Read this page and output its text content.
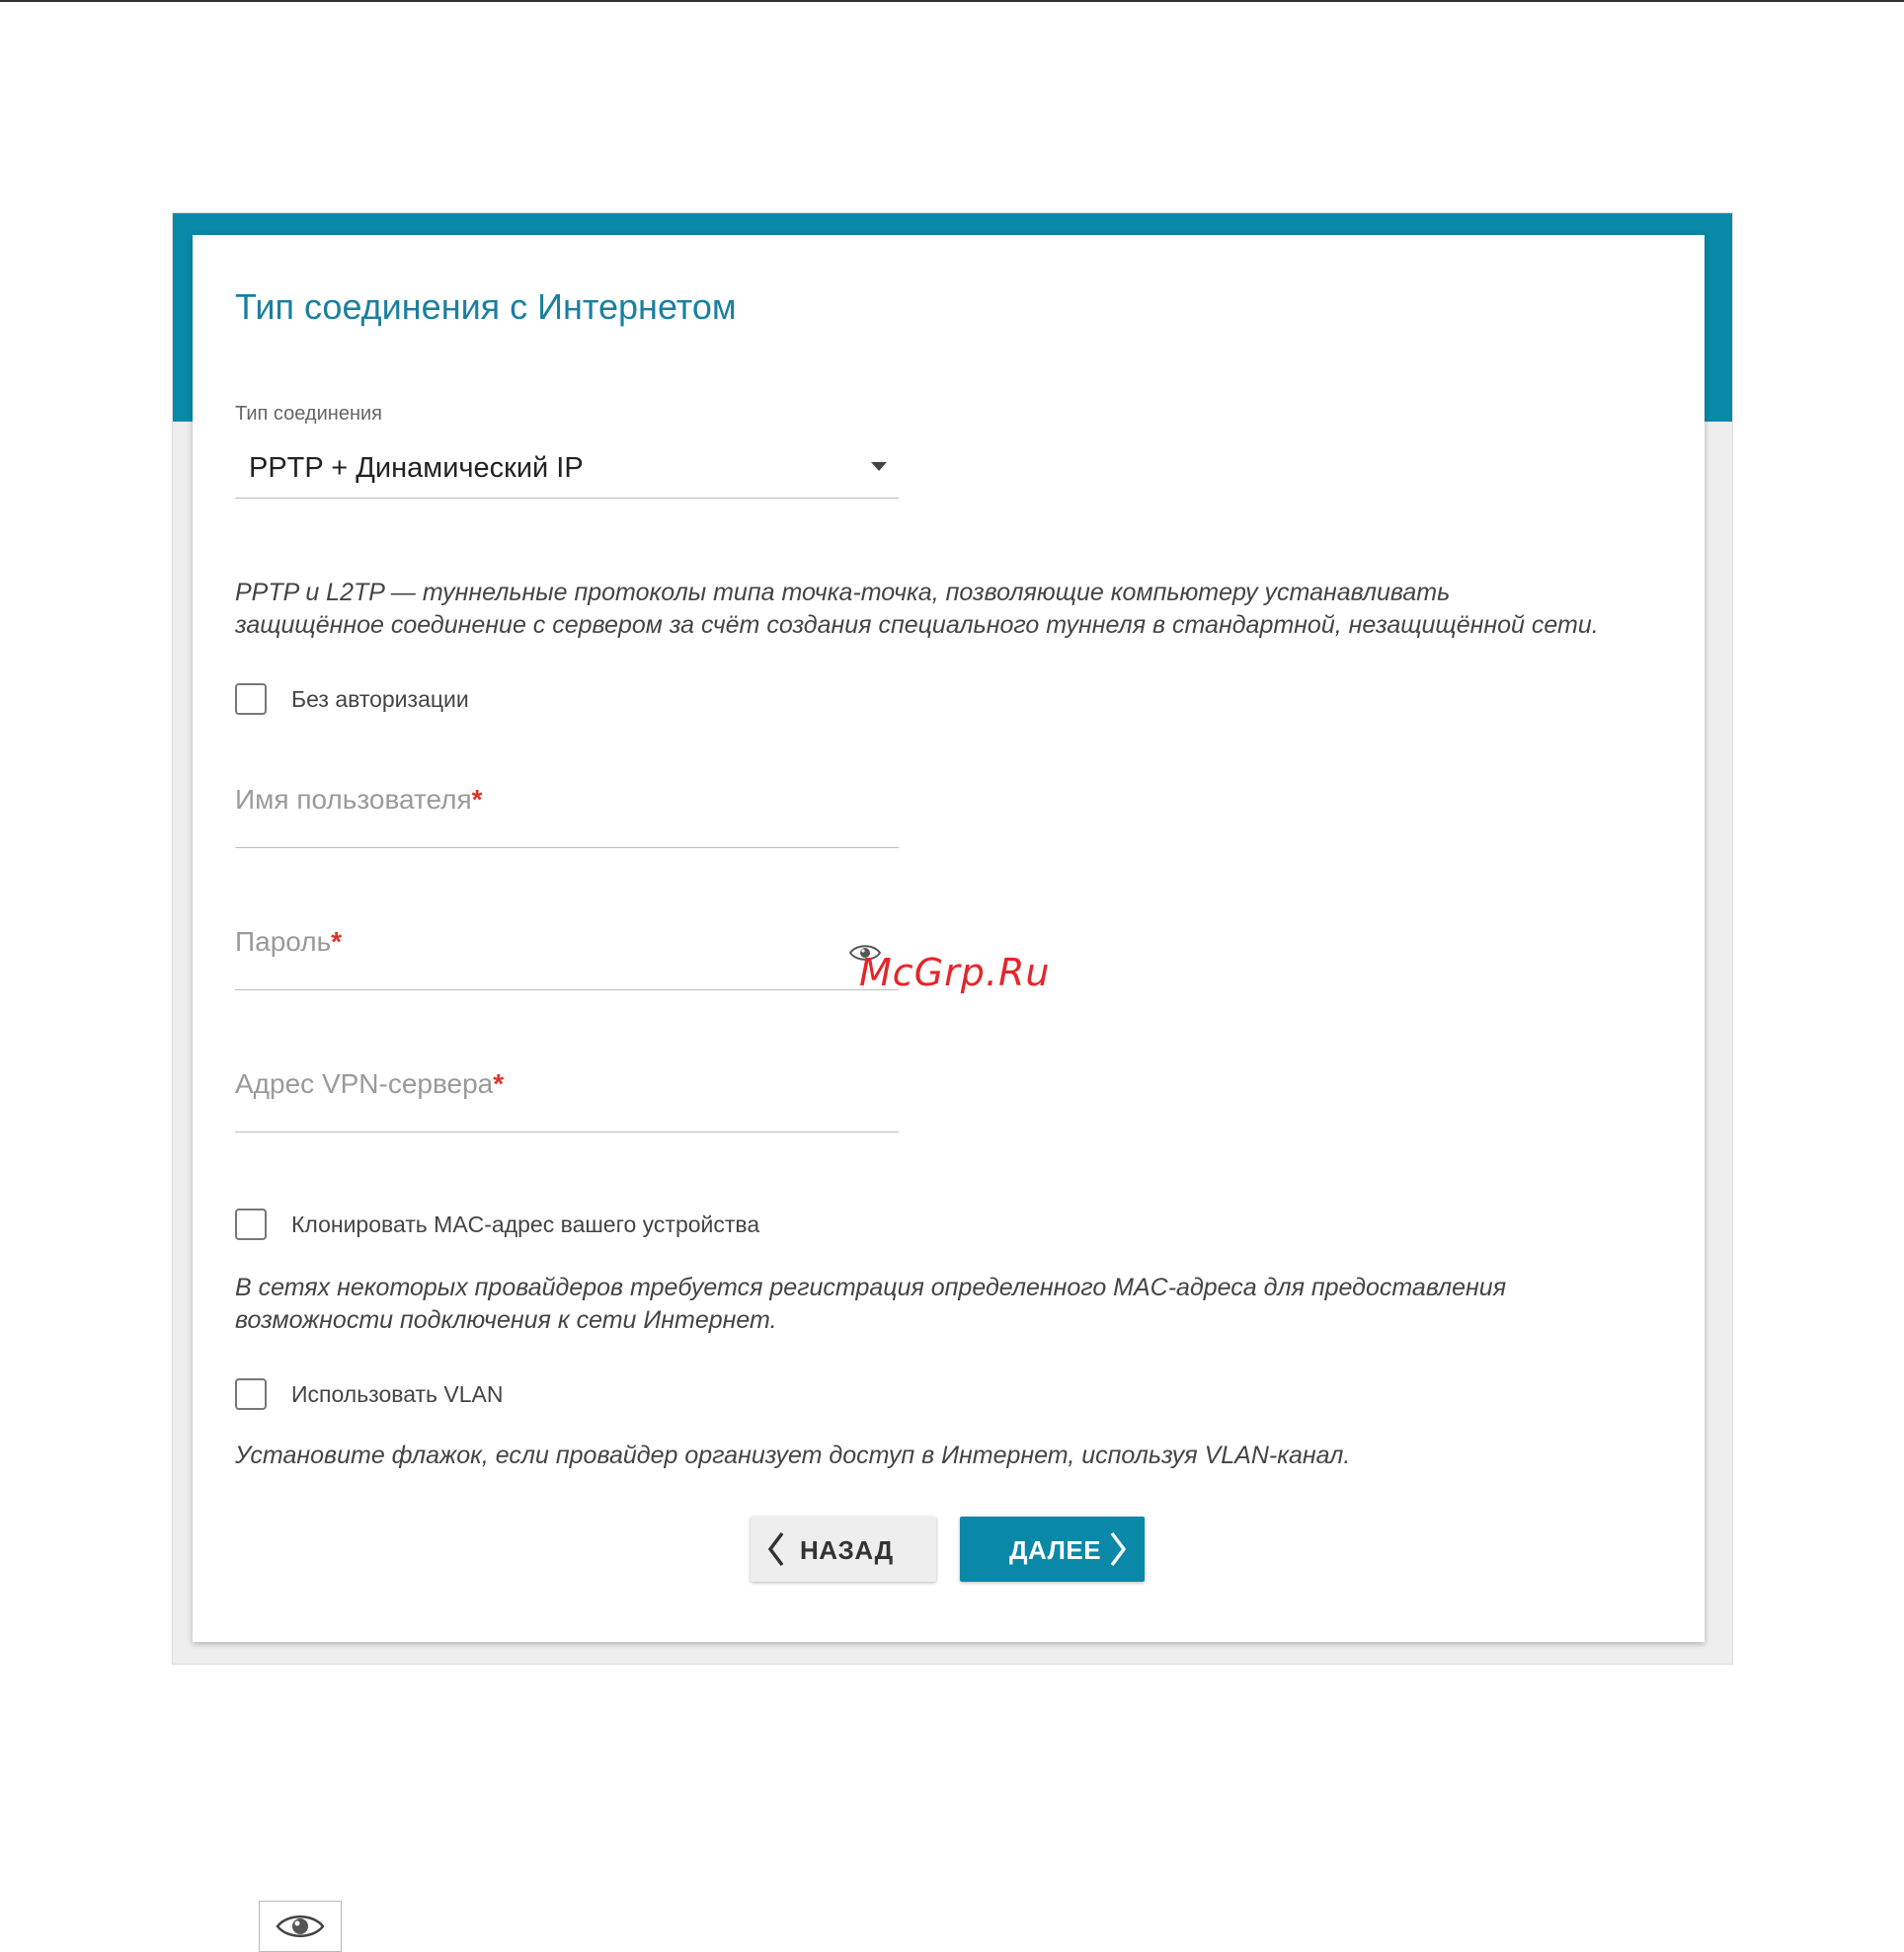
Тип соединения с Интернетом
Тип соединения
PPTP + Динамический IP

PPTP и L2TP — туннельные протоколы типа точка-точка, позволяющие компьютеру устанавливать
защищённое соединение с сервером за счёт создания специального туннеля в стандартной, незащищённой сети.

Без авторизации
Имя пользователя*
Пароль*
Адрес VPN-сервера*
Клонировать MAC-адрес вашего устройства

В сетях некоторых провайдеров требуется регистрация определенного MAC-адреса для предоставления
возможности подключения к сети Интернет.

Использовать VLAN

Установите флажок, если провайдер организует доступ в Интернет, используя VLAN-канал.

НАЗАД	ДАЛЕЕ
McGrp.Ru
